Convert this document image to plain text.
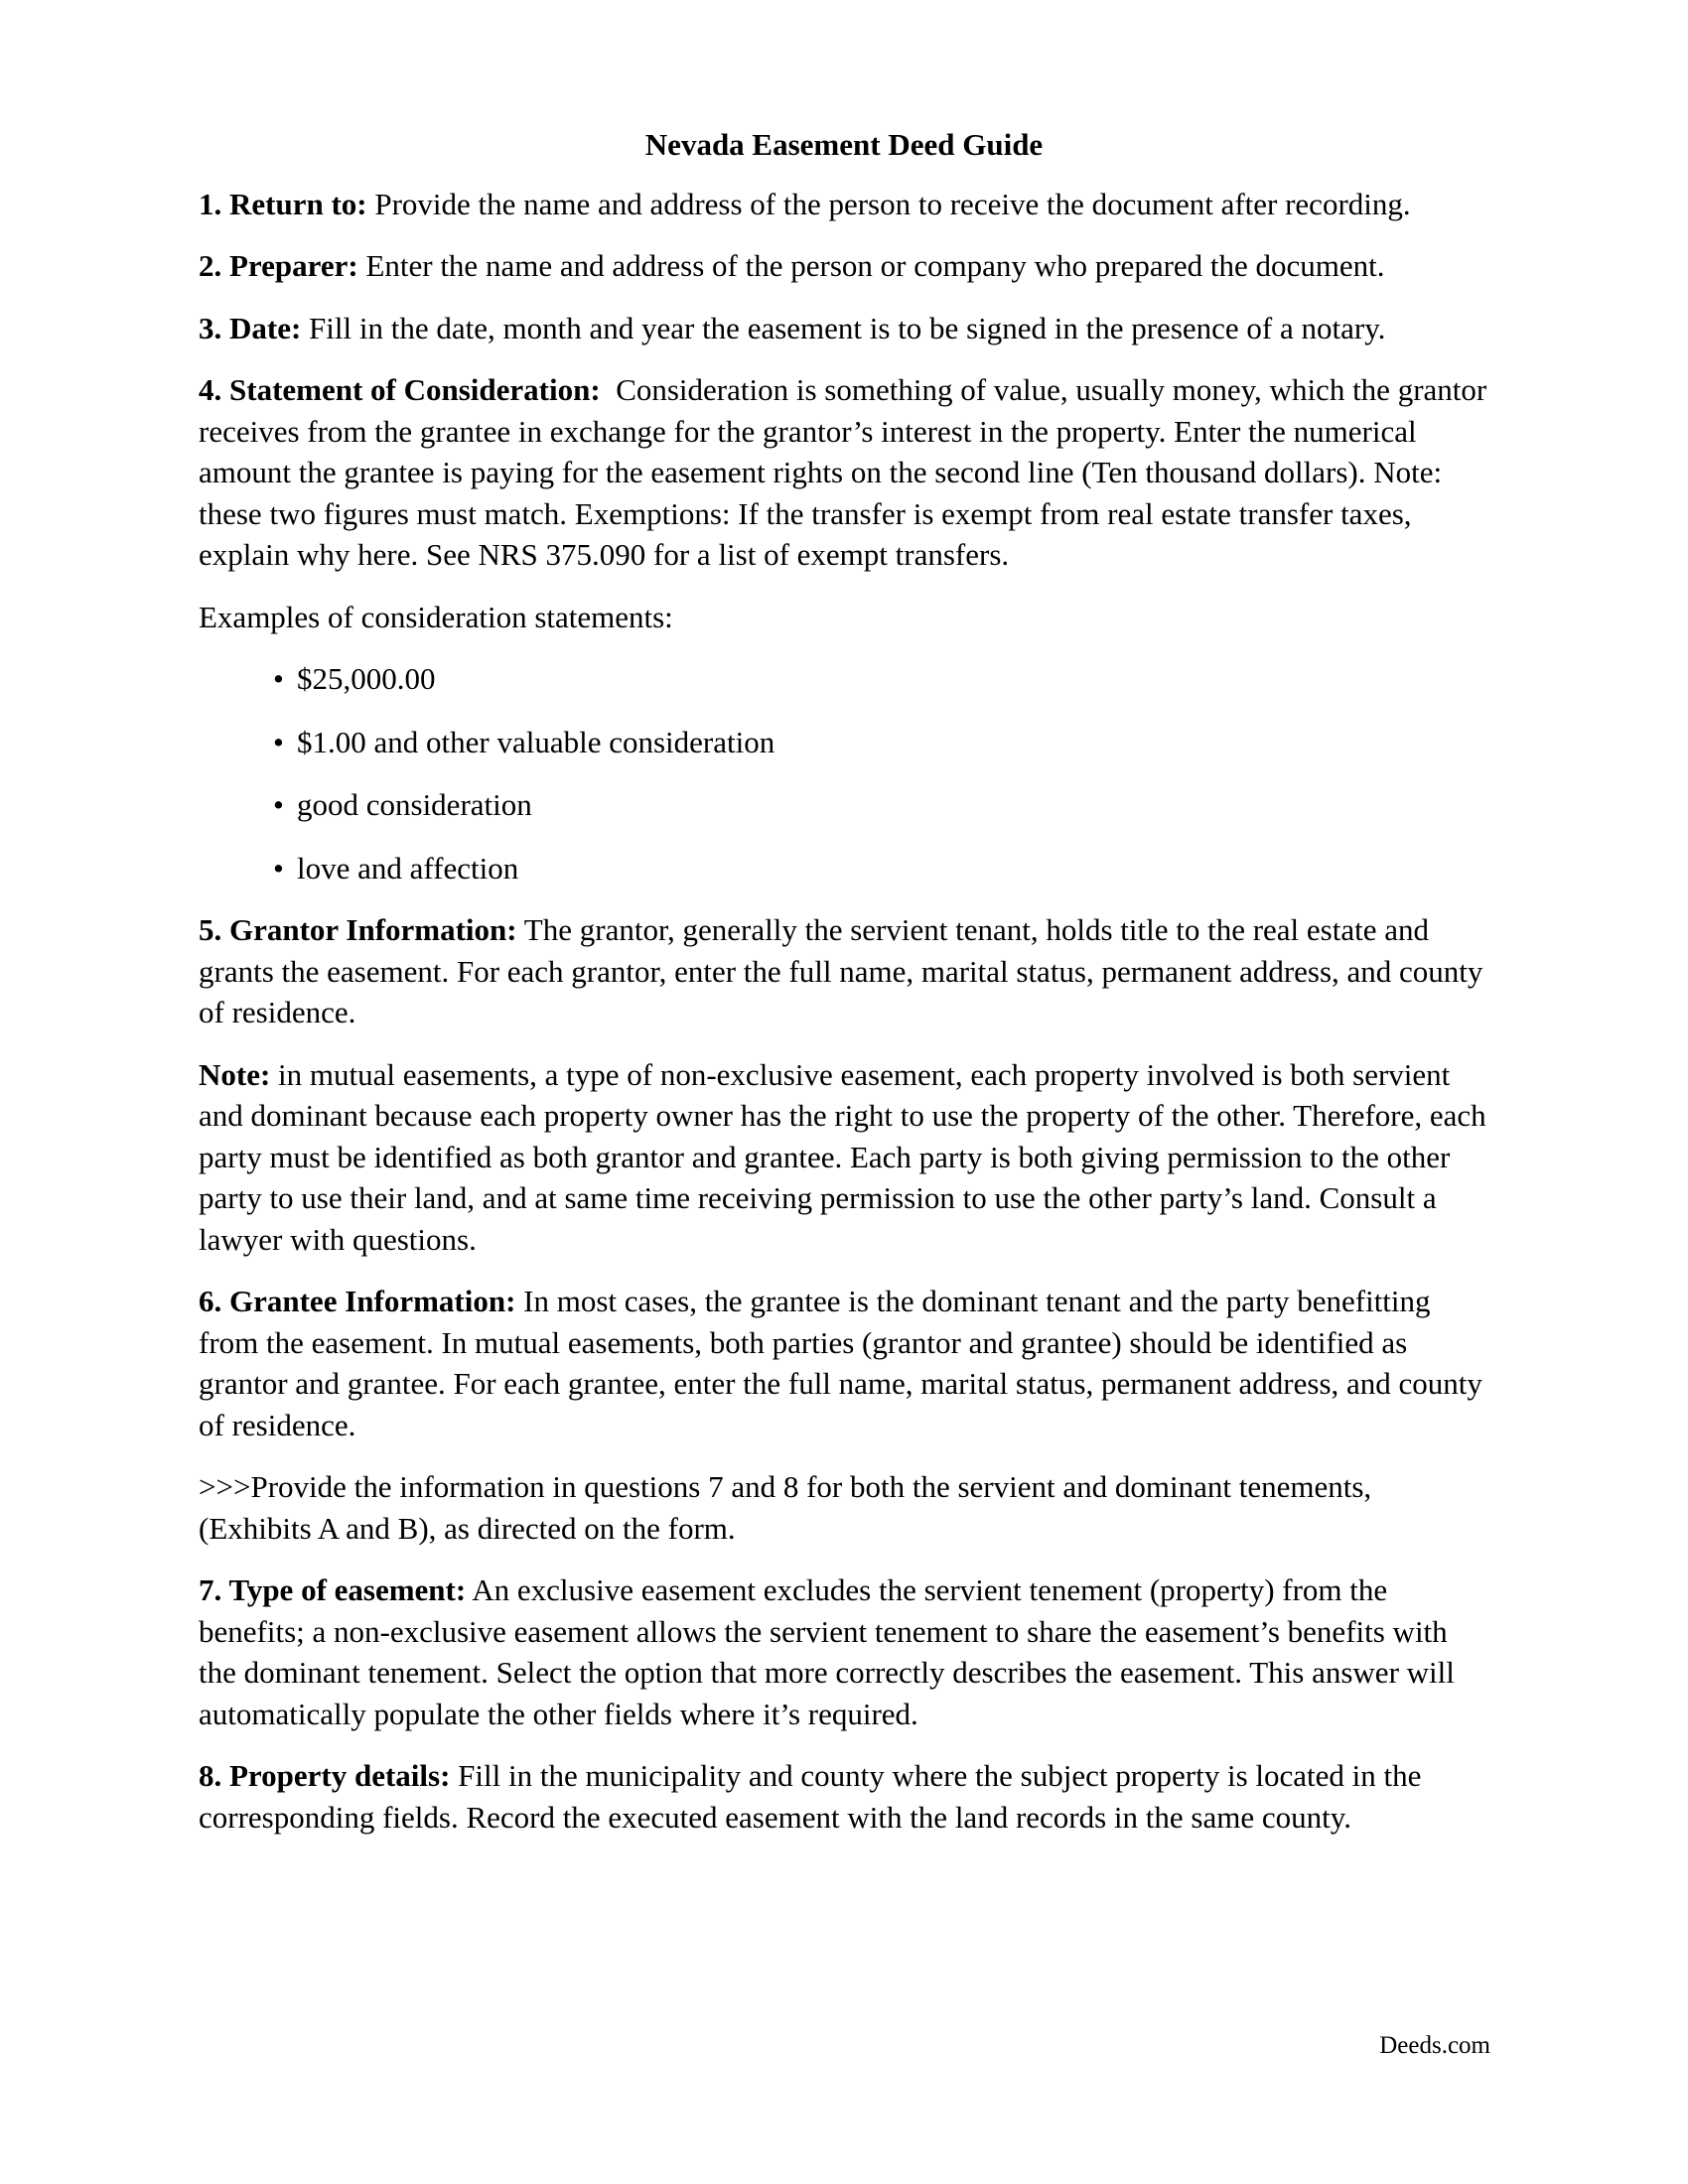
Nevada Easement Deed Guide

1. Return to: Provide the name and address of the person to receive the document after recording.

2. Preparer: Enter the name and address of the person or company who prepared the document.

3. Date: Fill in the date, month and year the easement is to be signed in the presence of a notary.

4. Statement of Consideration:  Consideration is something of value, usually money, which the grantor receives from the grantee in exchange for the grantor’s interest in the property. Enter the numerical amount the grantee is paying for the easement rights on the second line (Ten thousand dollars). Note: these two figures must match. Exemptions: If the transfer is exempt from real estate transfer taxes, explain why here. See NRS 375.090 for a list of exempt transfers.

Examples of consideration statements:

• $25,000.00
• $1.00 and other valuable consideration
• good consideration
• love and affection

5. Grantor Information: The grantor, generally the servient tenant, holds title to the real estate and grants the easement. For each grantor, enter the full name, marital status, permanent address, and county of residence.

Note: in mutual easements, a type of non-exclusive easement, each property involved is both servient and dominant because each property owner has the right to use the property of the other. Therefore, each party must be identified as both grantor and grantee. Each party is both giving permission to the other party to use their land, and at same time receiving permission to use the other party’s land. Consult a lawyer with questions.

6. Grantee Information: In most cases, the grantee is the dominant tenant and the party benefitting from the easement. In mutual easements, both parties (grantor and grantee) should be identified as grantor and grantee. For each grantee, enter the full name, marital status, permanent address, and county of residence.

>>>Provide the information in questions 7 and 8 for both the servient and dominant tenements, (Exhibits A and B), as directed on the form.

7. Type of easement: An exclusive easement excludes the servient tenement (property) from the benefits; a non-exclusive easement allows the servient tenement to share the easement’s benefits with the dominant tenement. Select the option that more correctly describes the easement. This answer will automatically populate the other fields where it’s required.

8. Property details: Fill in the municipality and county where the subject property is located in the corresponding fields. Record the executed easement with the land records in the same county.

Deeds.com
